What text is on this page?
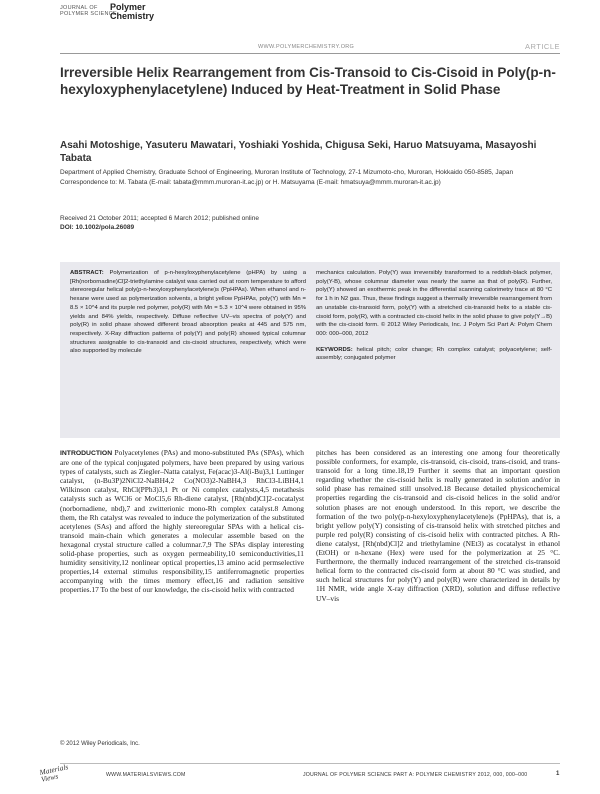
JOURNAL OF
POLYMER SCIENCE
Polymer
Chemistry
WWW.POLYMERCHEMISTRY.ORG	ARTICLE
Irreversible Helix Rearrangement from Cis-Transoid to Cis-Cisoid in Poly(p-n-hexyloxyphenylacetylene) Induced by Heat-Treatment in Solid Phase
Asahi Motoshige, Yasuteru Mawatari, Yoshiaki Yoshida, Chigusa Seki, Haruo Matsuyama, Masayoshi Tabata
Department of Applied Chemistry, Graduate School of Engineering, Muroran Institute of Technology, 27-1 Mizumoto-cho, Muroran, Hokkaido 050-8585, Japan
Correspondence to: M. Tabata (E-mail: tabata@mmm.muroran-it.ac.jp) or H. Matsuyama (E-mail: hmatsuya@mmm.muroran-it.ac.jp)
Received 21 October 2011; accepted 6 March 2012; published online
DOI: 10.1002/pola.26089
ABSTRACT: Polymerization of p-n-hexyloxyphenylacetylene (pHPA) by using a [Rh(norbornadine)Cl]2-triethylamine catalyst was carried out at room temperature to afford stereoregular helical poly(p-n-hexyloxyphenylacetylene)s (PpHPAs). When ethanol and n-hexane were used as polymerization solvents, a bright yellow PpHPAs, poly(Y) with Mn = 8.5 × 10^4 and its purple red polymer, poly(R) with Mn = 5.3 × 10^4 were obtained in 95% yields and 84% yields, respectively. Diffuse reflective UV–vis spectra of poly(Y) and poly(R) in solid phase showed different broad absorption peaks at 445 and 575 nm, respectively. X-Ray diffraction patterns of poly(Y) and poly(R) showed typical columnar structures assignable to cis-transoid and cis-cisoid structures, respectively, which were also supported by molecule
mechanics calculation. Poly(Y) was irreversibly transformed to a reddish-black polymer, poly(Y-B), whose columnar diameter was nearly the same as that of poly(R). Further, poly(Y) showed an exothermic peak in the differential scanning calorimetry trace at 80 °C for 1 h in N2 gas. Thus, these findings suggest a thermally irreversible rearrangement from an unstable cis-transoid form, poly(Y) with a stretched cis-transoid helix to a stable cis-cisoid form, poly(R), with a contracted cis-cisoid helix in the solid phase to give poly(Y→B) with the cis-cisoid form. © 2012 Wiley Periodicals, Inc. J Polym Sci Part A: Polym Chem 000: 000–000, 2012
KEYWORDS: helical pitch; color change; Rh complex catalyst; polyacetylene; self-assembly; conjugated polymer
INTRODUCTION Polyacetylenes (PAs) and mono-substituted PAs (SPAs), which are one of the typical conjugated polymers, have been prepared by using various types of catalysts, such as Ziegler–Natta catalyst, Fe(acac)3-Al(i-Bu)3,1 Luttinger catalyst, (n-Bu3P)2NiCl2-NaBH4,2 Co(NO3)2-NaBH4,3 RhCl3-LiBH4,1 Wilkinson catalyst, RhCl(PPh3)3,1 Pt or Ni complex catalysts,4,5 metathesis catalysts such as WCl6 or MoCl5,6 Rh-diene catalyst, [Rh(nbd)Cl]2-cocatalyst (norbornadiene, nbd),7 and zwitterionic mono-Rh complex catalyst.8 Among them, the Rh catalyst was revealed to induce the polymerization of the substituted acetylenes (SAs) and afford the highly stereoregular SPAs with a helical cis-transoid main-chain which generates a molecular assemble based on the hexagonal crystal structure called a columnar.7,9 The SPAs display interesting solid-phase properties, such as oxygen permeability,10 semiconductivities,11 humidity sensitivity,12 nonlinear optical properties,13 amino acid permselective properties,14 external stimulus responsibility,15 antiferromagnetic properties accompanying with the times memory effect,16 and radiation sensitive properties.17 To the best of our knowledge, the cis-cisoid helix with contracted
pitches has been considered as an interesting one among four theoretically possible conformers, for example, cis-transoid, cis-cisoid, trans-cisoid, and trans-transoid for a long time.18,19 Further it seems that an important question regarding whether the cis-cisoid helix is really generated in solution and/or in solid phase has remained still unsolved.18 Because detailed physicochemical properties regarding the cis-transoid and cis-cisoid helices in the solid and/or solution phases are not enough understood. In this report, we describe the formation of the two poly(p-n-hexyloxyphenylacetylene)s (PpHPAs), that is, a bright yellow poly(Y) consisting of cis-transoid helix with stretched pitches and purple red poly(R) consisting of cis-cisoid helix with contracted pitches. A Rh-diene catalyst, [Rh(nbd)Cl]2 and triethylamine (NEt3) as cocatalyst in ethanol (EtOH) or n-hexane (Hex) were used for the polymerization at 25 °C. Furthermore, the thermally induced rearrangement of the stretched cis-transoid helical form to the contracted cis-cisoid form at about 80 °C was studied, and such helical structures for poly(Y) and poly(R) were characterized in details by 1H NMR, wide angle X-ray diffraction (XRD), solution and diffuse reflective UV–vis
© 2012 Wiley Periodicals, Inc.
Materials
Views	WWW.MATERIALSVIEWS.COM	JOURNAL OF POLYMER SCIENCE PART A: POLYMER CHEMISTRY 2012, 000, 000–000	1
